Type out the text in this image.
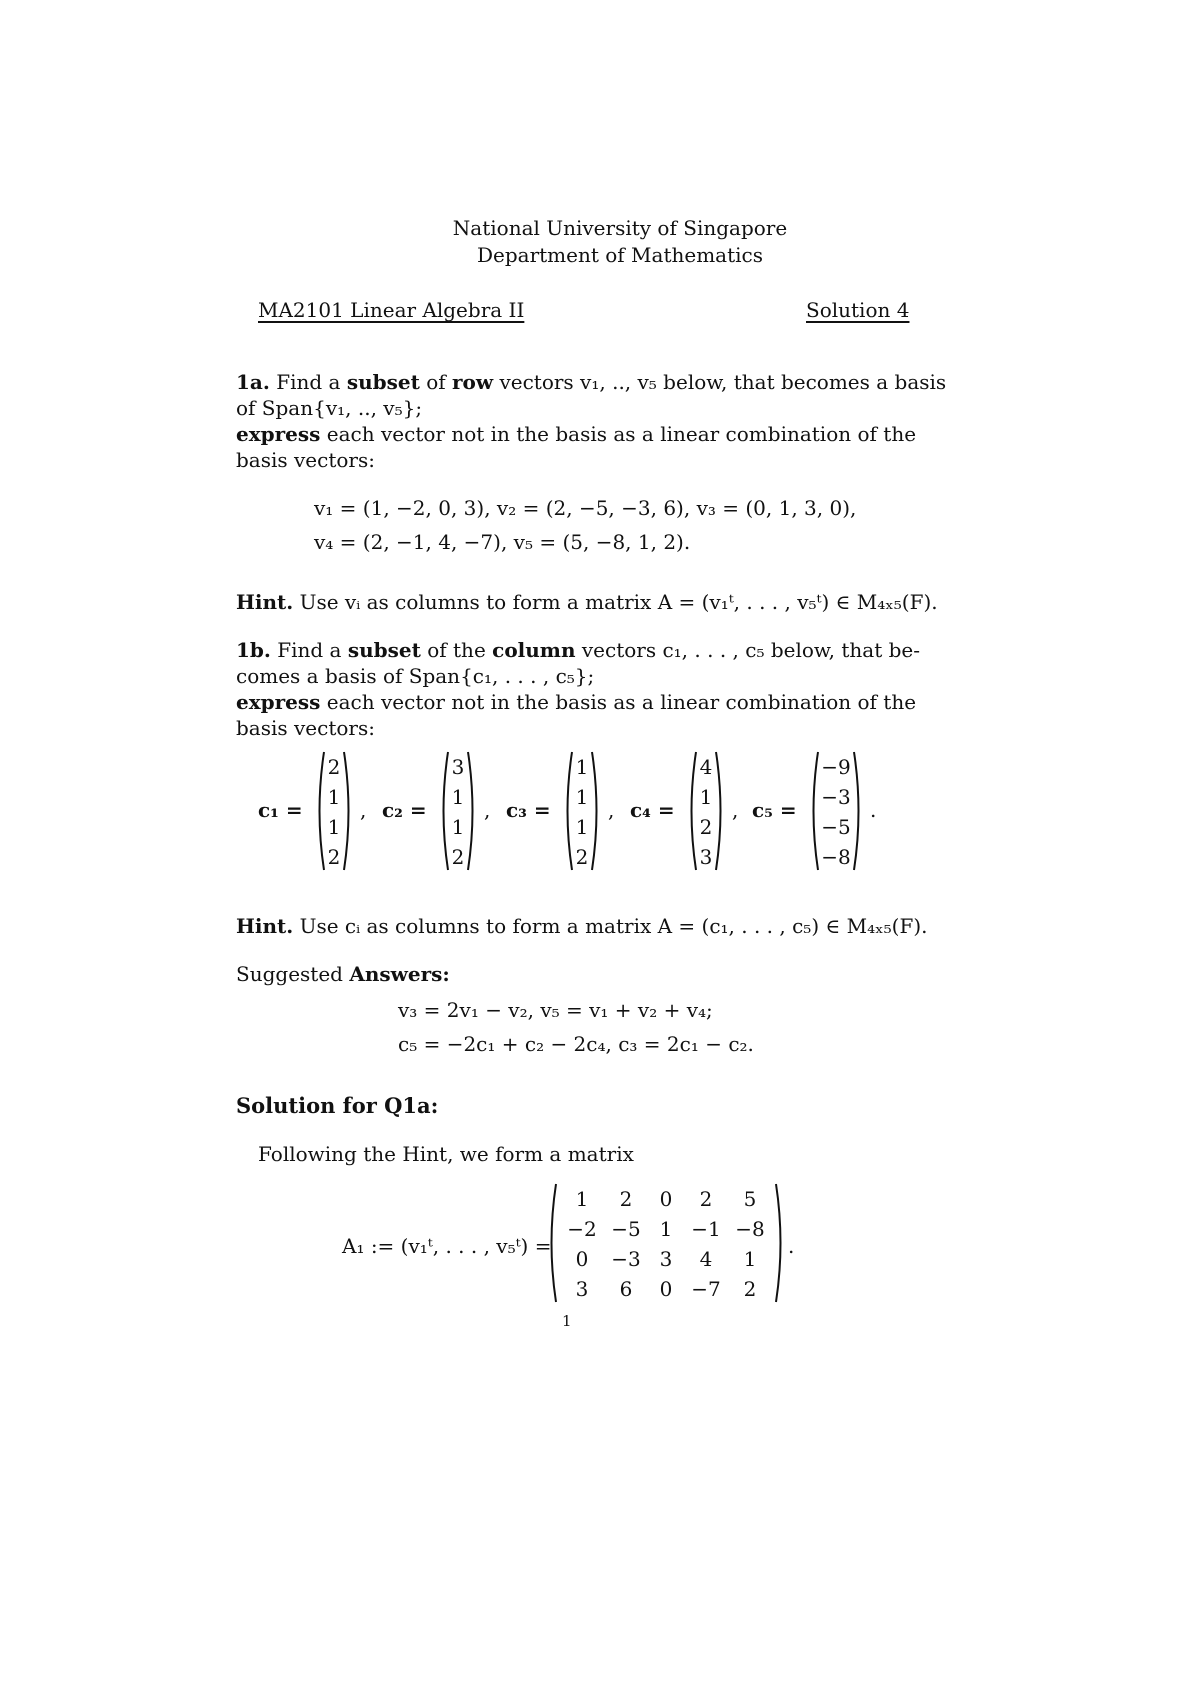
National University of Singapore
Department of Mathematics
MA2101 Linear Algebra II	Solution 4
1a. Find a subset of row vectors v₁, .., v₅ below, that becomes a basis
of Span{v₁, .., v₅};
express each vector not in the basis as a linear combination of the
basis vectors:
v₁ = (1, −2, 0, 3), v₂ = (2, −5, −3, 6), v₃ = (0, 1, 3, 0),
v₄ = (2, −1, 4, −7), v₅ = (5, −8, 1, 2).
Hint. Use vᵢ as columns to form a matrix A = (v₁ᵗ, . . . , v₅ᵗ) ∈ M₄ₓ₅(F).
1b. Find a subset of the column vectors c₁, . . . , c₅ below, that be-
comes a basis of Span{c₁, . . . , c₅};
express each vector not in the basis as a linear combination of the
basis vectors:
c₁ =
2
1
1
2
, c₂ =
3
1
1
2
, c₃ =
1
1
1
2
, c₄ =
4
1
2
3
, c₅ =
−9
−3
−5
−8
.
Hint. Use cᵢ as columns to form a matrix A = (c₁, . . . , c₅) ∈ M₄ₓ₅(F).
Suggested Answers:
v₃ = 2v₁ − v₂, v₅ = v₁ + v₂ + v₄;
c₅ = −2c₁ + c₂ − 2c₄, c₃ = 2c₁ − c₂.
Solution for Q1a:
Following the Hint, we form a matrix
A₁ := (v₁ᵗ, . . . , v₅ᵗ) =
1	2	0	2	5
−2 −5 1 −1 −8
0	−3 3	4	1
3	6	0 −7	2
.
1
